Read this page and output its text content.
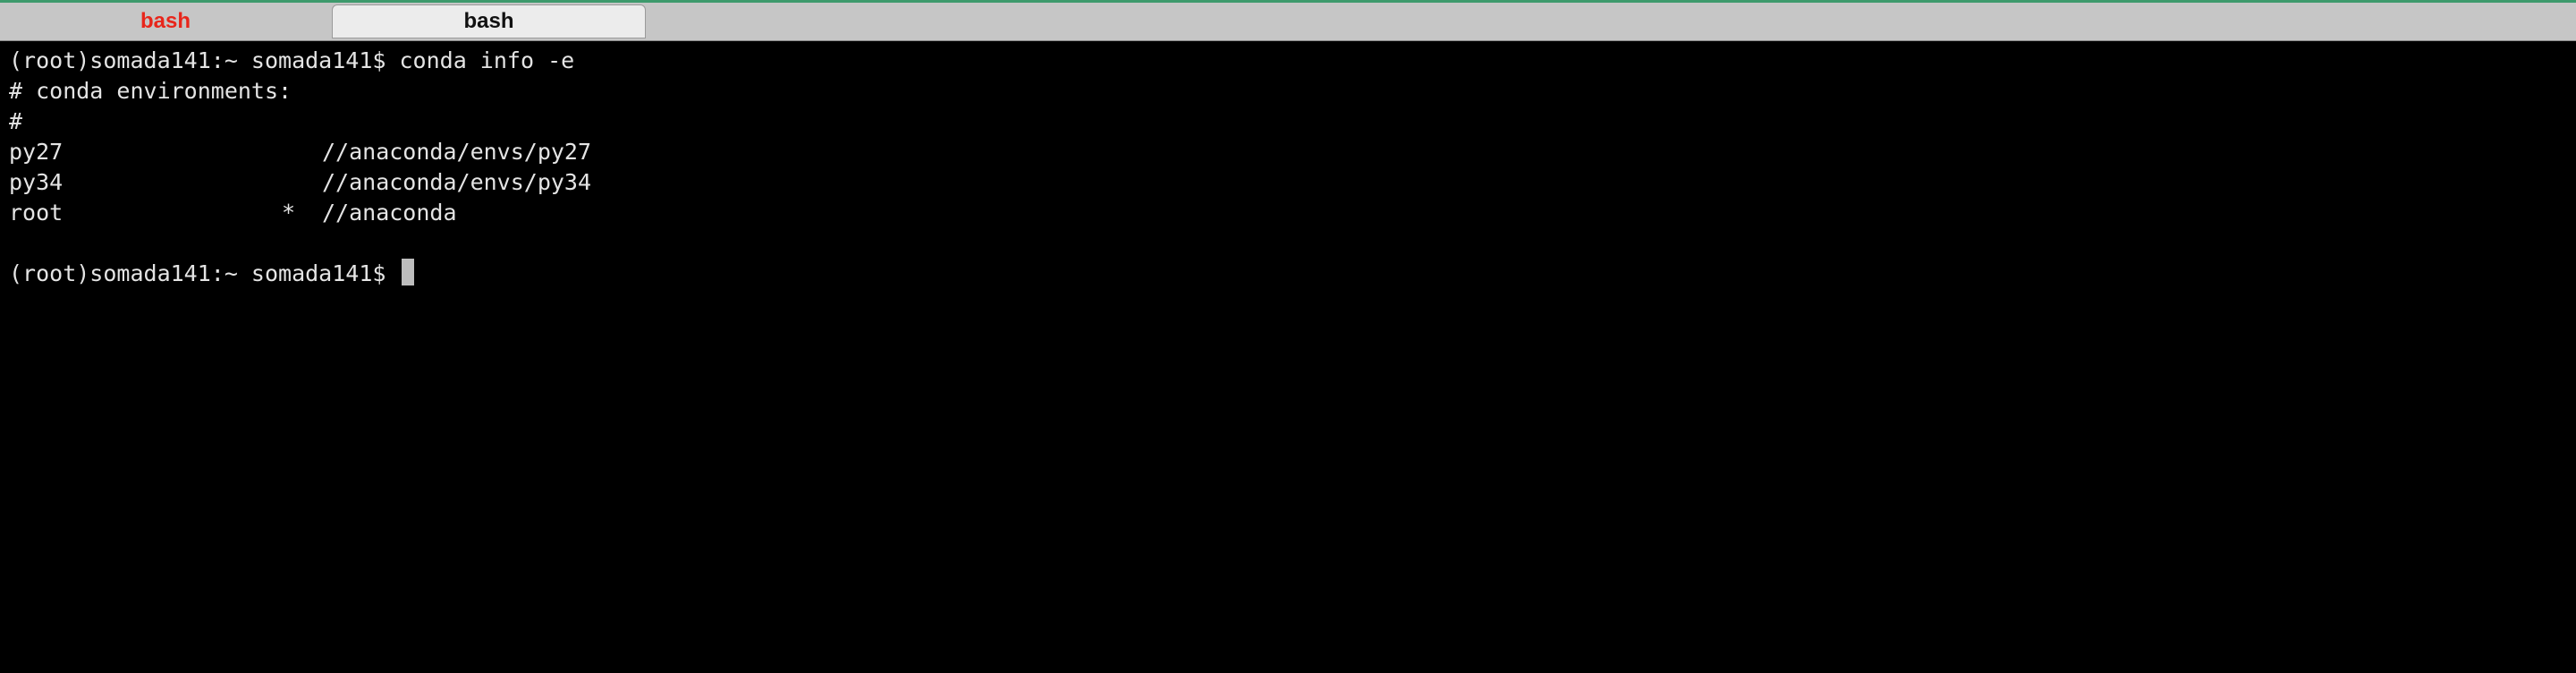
bash	bash
(root)somada141:~ somada141$ conda info -e
# conda environments:
#
py27	//anaconda/envs/py27
py34	//anaconda/envs/py34
root	* //anaconda
(root)somada141:~ somada141$
